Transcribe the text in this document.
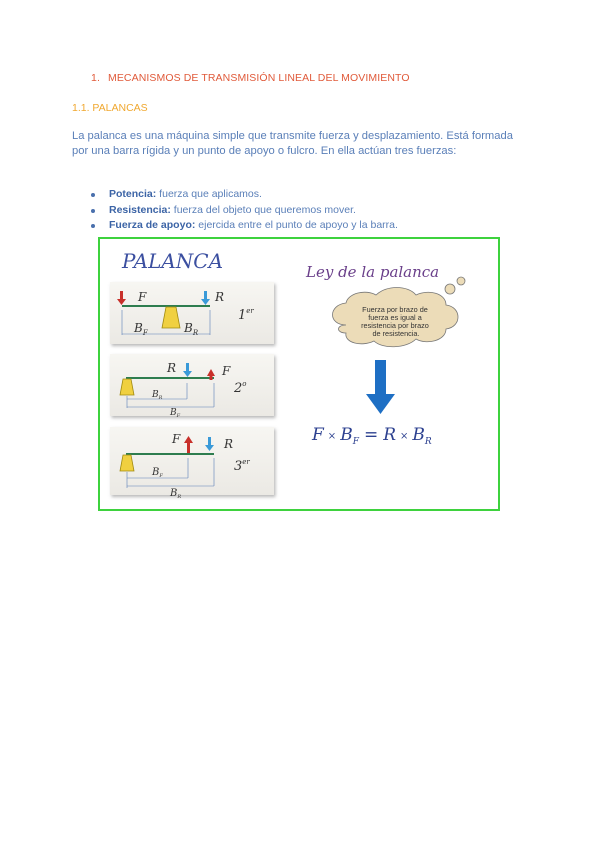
1. MECANISMOS DE TRANSMISIÓN LINEAL DEL MOVIMIENTO
1.1. PALANCAS
La palanca es una máquina simple que transmite fuerza y desplazamiento. Está formada por una barra rígida y un punto de apoyo o fulcro. En ella actúan tres fuerzas:
Potencia: fuerza que aplicamos.
Resistencia: fuerza del objeto que queremos mover.
Fuerza de apoyo: ejercida entre el punto de apoyo y la barra.
PALANCA
F	R
$B_F$	$B_R$
1er
R	F
$B_R$
$B_F$
2$^o$
F	R
$B_F$
$B_R$
3er
Ley de la palanca
Fuerza por brazo de fuerza es igual a resistencia por brazo de resistencia.
$F \times B_F = R \times B_R$
